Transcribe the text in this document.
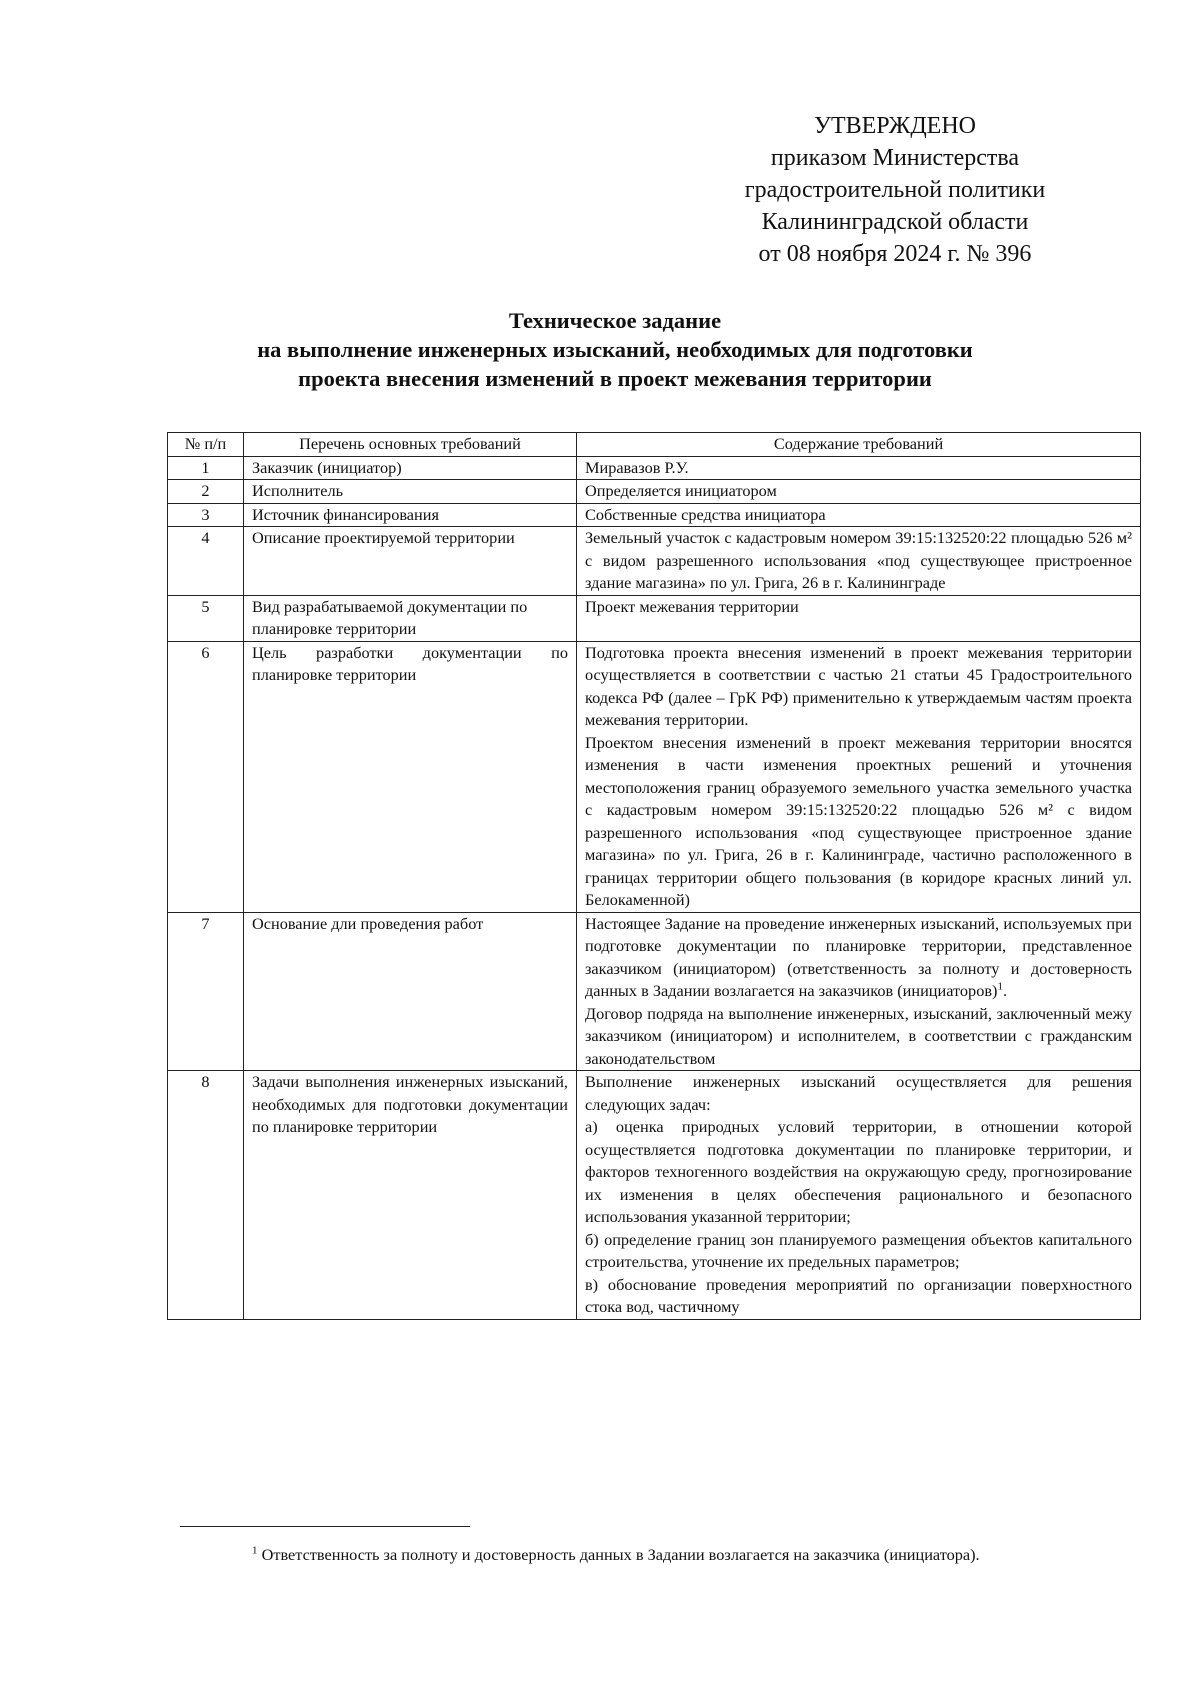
УТВЕРЖДЕНО
приказом Министерства
градостроительной политики
Калининградской области
от 08 ноября 2024 г. № 396
Техническое задание
на выполнение инженерных изысканий, необходимых для подготовки
проекта внесения изменений в проект межевания территории
№ п/п	Перечень основных требований	Содержание требований
1	Заказчик (инициатор)	Миравазов Р.У.

2	Исполнитель	Определяется инициатором

3	Источник финансирования	Собственные средства инициатора

4	Описание проектируемой территории	Земельный участок с кадастровым номером 39:15:132520:22 площадью 526 м² с видом разрешенного использования «под существующее пристроенное здание магазина» по ул. Грига, 26 в г. Калининграде

5	Вид разрабатываемой документации по планировке территории	Проект межевания территории

6	Цель разработки документации по планировке территории	Подготовка проекта внесения изменений в проект межевания территории осуществляется в соответствии с частью 21 статьи 45 Градостроительного кодекса РФ (далее – ГрК РФ) применительно к утверждаемым частям проекта межевания территории.

Проектом внесения изменений в проект межевания территории вносятся изменения в части изменения проектных решений и уточнения местоположения границ образуемого земельного участка земельного участка с кадастровым номером 39:15:132520:22 площадью 526 м² с видом разрешенного использования «под существующее пристроенное здание магазина» по ул. Грига, 26 в г. Калининграде, частично расположенного в границах территории общего пользования (в коридоре красных линий ул. Белокаменной)

7	Основание дли проведения работ	Настоящее Задание на проведение инженерных изысканий, используемых при подготовке документации по планировке территории, представленное заказчиком (инициатором) (ответственность за полноту и достоверность данных в Задании возлагается на заказчиков (инициаторов)$^1$.

Договор подряда на выполнение инженерных, изысканий, заключенный межу заказчиком (инициатором) и исполнителем, в соответствии с гражданским законодательством

8	Задачи выполнения инженерных изысканий, необходимых для подготовки документации по планировке территории	Выполнение инженерных изысканий осуществляется для решения следующих задач:

а) оценка природных условий территории, в отношении которой осуществляется подготовка документации по планировке территории, и факторов техногенного воздействия на окружающую среду, прогнозирование их изменения в целях обеспечения рационального и безопасного использования указанной территории;

б) определение границ зон планируемого размещения объектов капитального строительства, уточнение их предельных параметров;

в) обоснование проведения мероприятий по организации поверхностного стока вод, частичному

$^1$ Ответственность за полноту и достоверность данных в Задании возлагается на заказчика (инициатора).
